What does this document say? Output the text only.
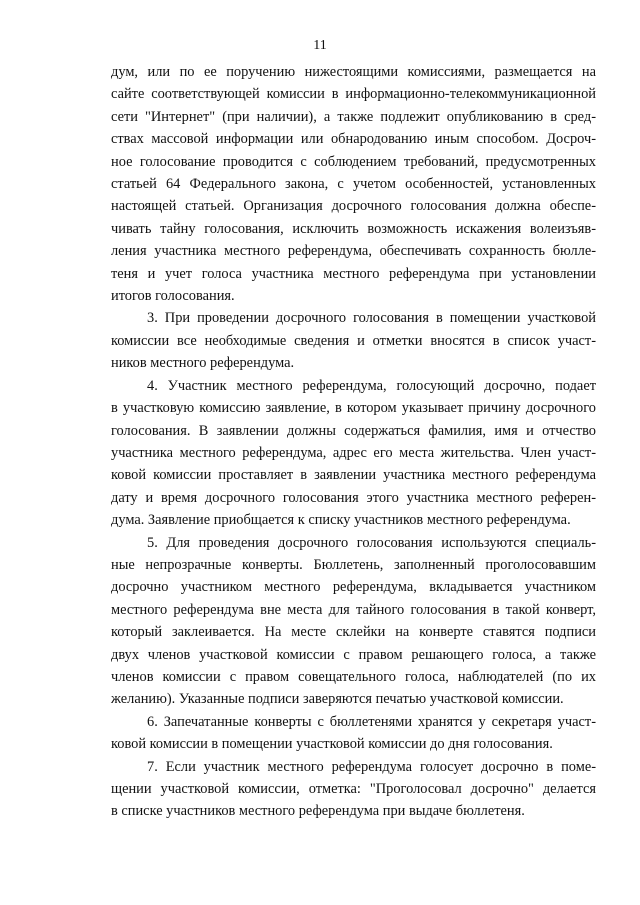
11
дум, или по ее поручению нижестоящими комиссиями, размещается на
сайте соответствующей комиссии в информационно-телекоммуникационной
сети "Интернет" (при наличии), а также подлежит опубликованию в сред-
ствах массовой информации или обнародованию иным способом. Досроч-
ное голосование проводится с соблюдением требований, предусмотренных
статьей 64 Федерального закона, с учетом особенностей, установленных
настоящей статьей. Организация досрочного голосования должна обеспе-
чивать тайну голосования, исключить возможность искажения волеизъяв-
ления участника местного референдума, обеспечивать сохранность бюлле-
теня и учет голоса участника местного референдума при установлении
итогов голосования.
3. При проведении досрочного голосования в помещении участковой
комиссии все необходимые сведения и отметки вносятся в список участ-
ников местного референдума.
4. Участник местного референдума, голосующий досрочно, подает
в участковую комиссию заявление, в котором указывает причину досрочного
голосования. В заявлении должны содержаться фамилия, имя и отчество
участника местного референдума, адрес его места жительства. Член участ-
ковой комиссии проставляет в заявлении участника местного референдума
дату и время досрочного голосования этого участника местного референ-
дума. Заявление приобщается к списку участников местного референдума.
5. Для проведения досрочного голосования используются специаль-
ные непрозрачные конверты. Бюллетень, заполненный проголосовавшим
досрочно участником местного референдума, вкладывается участником
местного референдума вне места для тайного голосования в такой конверт,
который заклеивается. На месте склейки на конверте ставятся подписи
двух членов участковой комиссии с правом решающего голоса, а также
членов комиссии с правом совещательного голоса, наблюдателей (по их
желанию). Указанные подписи заверяются печатью участковой комиссии.
6. Запечатанные конверты с бюллетенями хранятся у секретаря участ-
ковой комиссии в помещении участковой комиссии до дня голосования.
7. Если участник местного референдума голосует досрочно в поме-
щении участковой комиссии, отметка: "Проголосовал досрочно" делается
в списке участников местного референдума при выдаче бюллетеня.
